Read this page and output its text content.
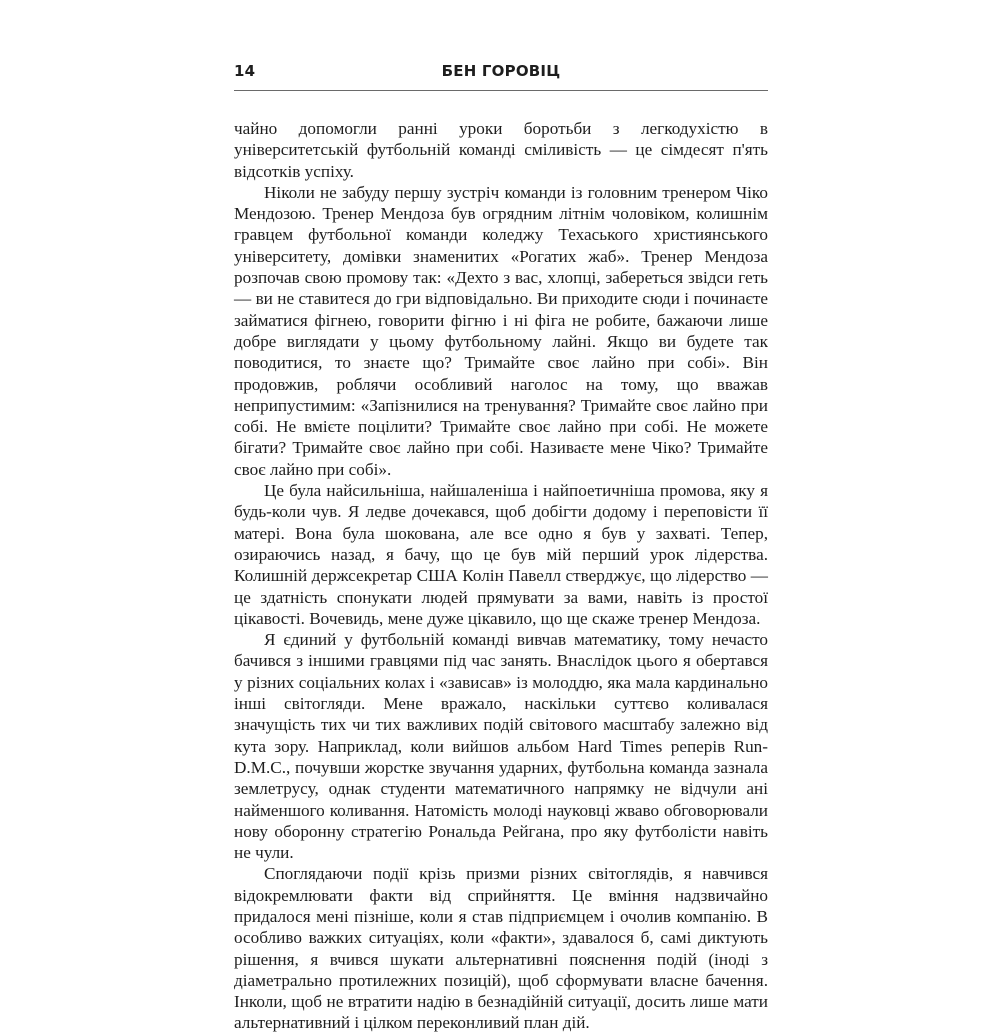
14	БЕН ГОРОВІЦ

чайно допомогли ранні уроки боротьби з легкодухістю в університетській футбольній команді сміливість — це сімдесят п'ять відсотків успіху.

Ніколи не забуду першу зустріч команди із головним тренером Чіко Мендозою. Тренер Мендоза був огрядним літнім чоловіком, колишнім гравцем футбольної команди коледжу Техаського християнського університету, домівки знаменитих «Рогатих жаб». Тренер Мендоза розпочав свою промову так: «Дехто з вас, хлопці, забереться звідси геть — ви не ставитеся до гри відповідально. Ви приходите сюди і починаєте займатися фігнею, говорити фігню і ні фіга не робите, бажаючи лише добре виглядати у цьому футбольному лайні. Якщо ви будете так поводитися, то знаєте що? Тримайте своє лайно при собі». Він продовжив, роблячи особливий наголос на тому, що вважав неприпустимим: «Запізнилися на тренування? Тримайте своє лайно при собі. Не вмієте поцілити? Тримайте своє лайно при собі. Не можете бігати? Тримайте своє лайно при собі. Називаєте мене Чіко? Тримайте своє лайно при собі».

Це була найсильніша, найшаленіша і найпоетичніша промова, яку я будь-коли чув. Я ледве дочекався, щоб добігти додому і переповісти її матері. Вона була шокована, але все одно я був у захваті. Тепер, озираючись назад, я бачу, що це був мій перший урок лідерства. Колишній держсекретар США Колін Павелл стверджує, що лідерство — це здатність спонукати людей прямувати за вами, навіть із простої цікавості. Вочевидь, мене дуже цікавило, що ще скаже тренер Мендоза.

Я єдиний у футбольній команді вивчав математику, тому нечасто бачився з іншими гравцями під час занять. Внаслідок цього я обертався у різних соціальних колах і «зависав» із молоддю, яка мала кардинально інші світогляди. Мене вражало, наскільки суттєво коливалася значущість тих чи тих важливих подій світового масштабу залежно від кута зору. Наприклад, коли вийшов альбом Hard Times реперів Run-D.M.C., почувши жорстке звучання ударних, футбольна команда зазнала землетрусу, однак студенти математичного напрямку не відчули ані найменшого коливання. Натомість молоді науковці жваво обговорювали нову оборонну стратегію Рональда Рейгана, про яку футболісти навіть не чули.

Споглядаючи події крізь призми різних світоглядів, я навчився відокремлювати факти від сприйняття. Це вміння надзвичайно придалося мені пізніше, коли я став підприємцем і очолив компанію. В особливо важких ситуаціях, коли «факти», здавалося б, самі диктують рішення, я вчився шукати альтернативні пояснення подій (іноді з діаметрально протилежних позицій), щоб сформувати власне бачення. Інколи, щоб не втратити надію в безнадійній ситуації, досить лише мати альтернативний і цілком переконливий план дій.
